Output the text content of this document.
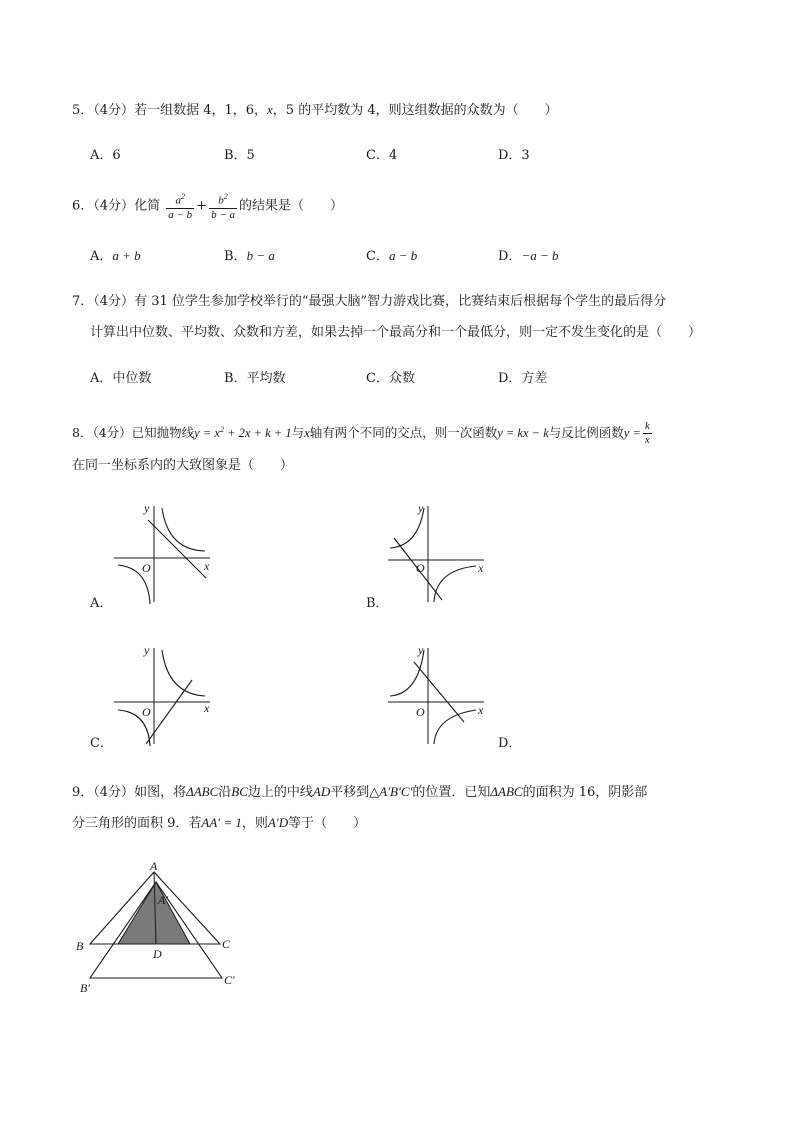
5．（4分）若一组数据 4，1，6，x，5 的平均数为 4，则这组数据的众数为（　　）
A．6	B．5	C．4	D．3
6．（4分）化简 $\frac{a^2}{a - b} + \frac{b^2}{b - a}$ 的结果是（　　）
A．a + b	B．b − a	C．a − b	D．−a − b
7．（4分）有 31 位学生参加学校举行的“最强大脑”智力游戏比赛，比赛结束后根据每个学生的最后得分
计算出中位数、平均数、众数和方差，如果去掉一个最高分和一个最低分，则一定不发生变化的是（　　）
A．中位数	B．平均数	C．众数	D．方差
8．（4分）已知抛物线$y = x^2 + 2x + k + 1$与x轴有两个不同的交点，则一次函数y = kx − k与反比例函数$y = \frac{k}{x}$
在同一坐标系内的大致图象是（　　）
y
x
O
A．
y
x
O
B．
y
x
O
C．
y
x
O
D．
9．（4分）如图，将ΔABC沿BC边上的中线AD平移到△A′B′C′的位置．已知ΔABC的面积为 16，阴影部
分三角形的面积 9．若AA′ = 1，则A′D等于（　　）
A
A′
B	C
D
B′
C′
